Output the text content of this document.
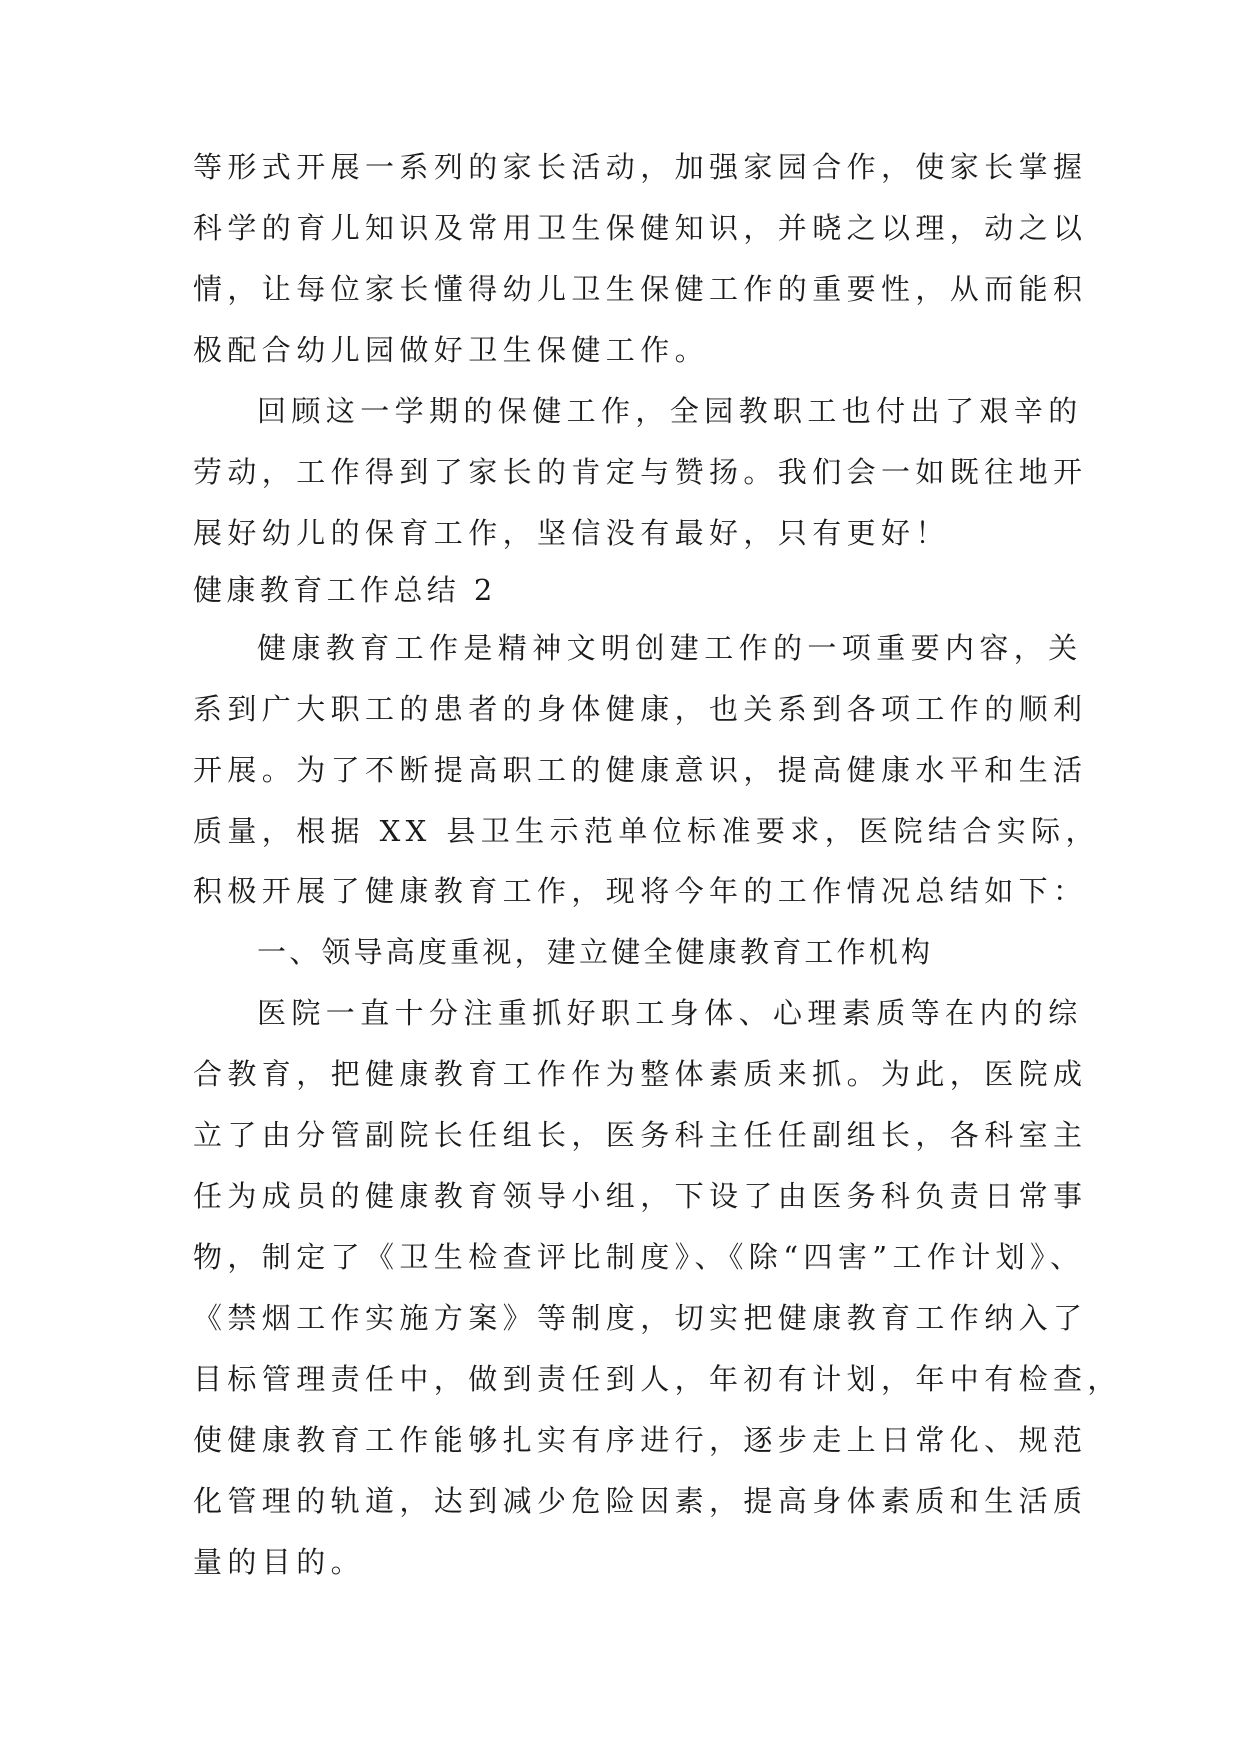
等形式开展一系列的家长活动，加强家园合作，使家长掌握
科学的育儿知识及常用卫生保健知识，并晓之以理，动之以
情，让每位家长懂得幼儿卫生保健工作的重要性，从而能积
极配合幼儿园做好卫生保健工作。
回顾这一学期的保健工作，全园教职工也付出了艰辛的
劳动，工作得到了家长的肯定与赞扬。我们会一如既往地开
展好幼儿的保育工作，坚信没有最好，只有更好！
健康教育工作总结 2
健康教育工作是精神文明创建工作的一项重要内容，关
系到广大职工的患者的身体健康，也关系到各项工作的顺利
开展。为了不断提高职工的健康意识，提高健康水平和生活
质量，根据 XX 县卫生示范单位标准要求，医院结合实际，
积极开展了健康教育工作，现将今年的工作情况总结如下：
一、领导高度重视，建立健全健康教育工作机构
医院一直十分注重抓好职工身体、心理素质等在内的综
合教育，把健康教育工作作为整体素质来抓。为此，医院成
立了由分管副院长任组长，医务科主任任副组长，各科室主
任为成员的健康教育领导小组，下设了由医务科负责日常事
物，制定了《卫生检查评比制度》、《除“四害”工作计划》、
《禁烟工作实施方案》等制度，切实把健康教育工作纳入了
目标管理责任中，做到责任到人，年初有计划，年中有检查，
使健康教育工作能够扎实有序进行，逐步走上日常化、规范
化管理的轨道，达到减少危险因素，提高身体素质和生活质
量的目的。
